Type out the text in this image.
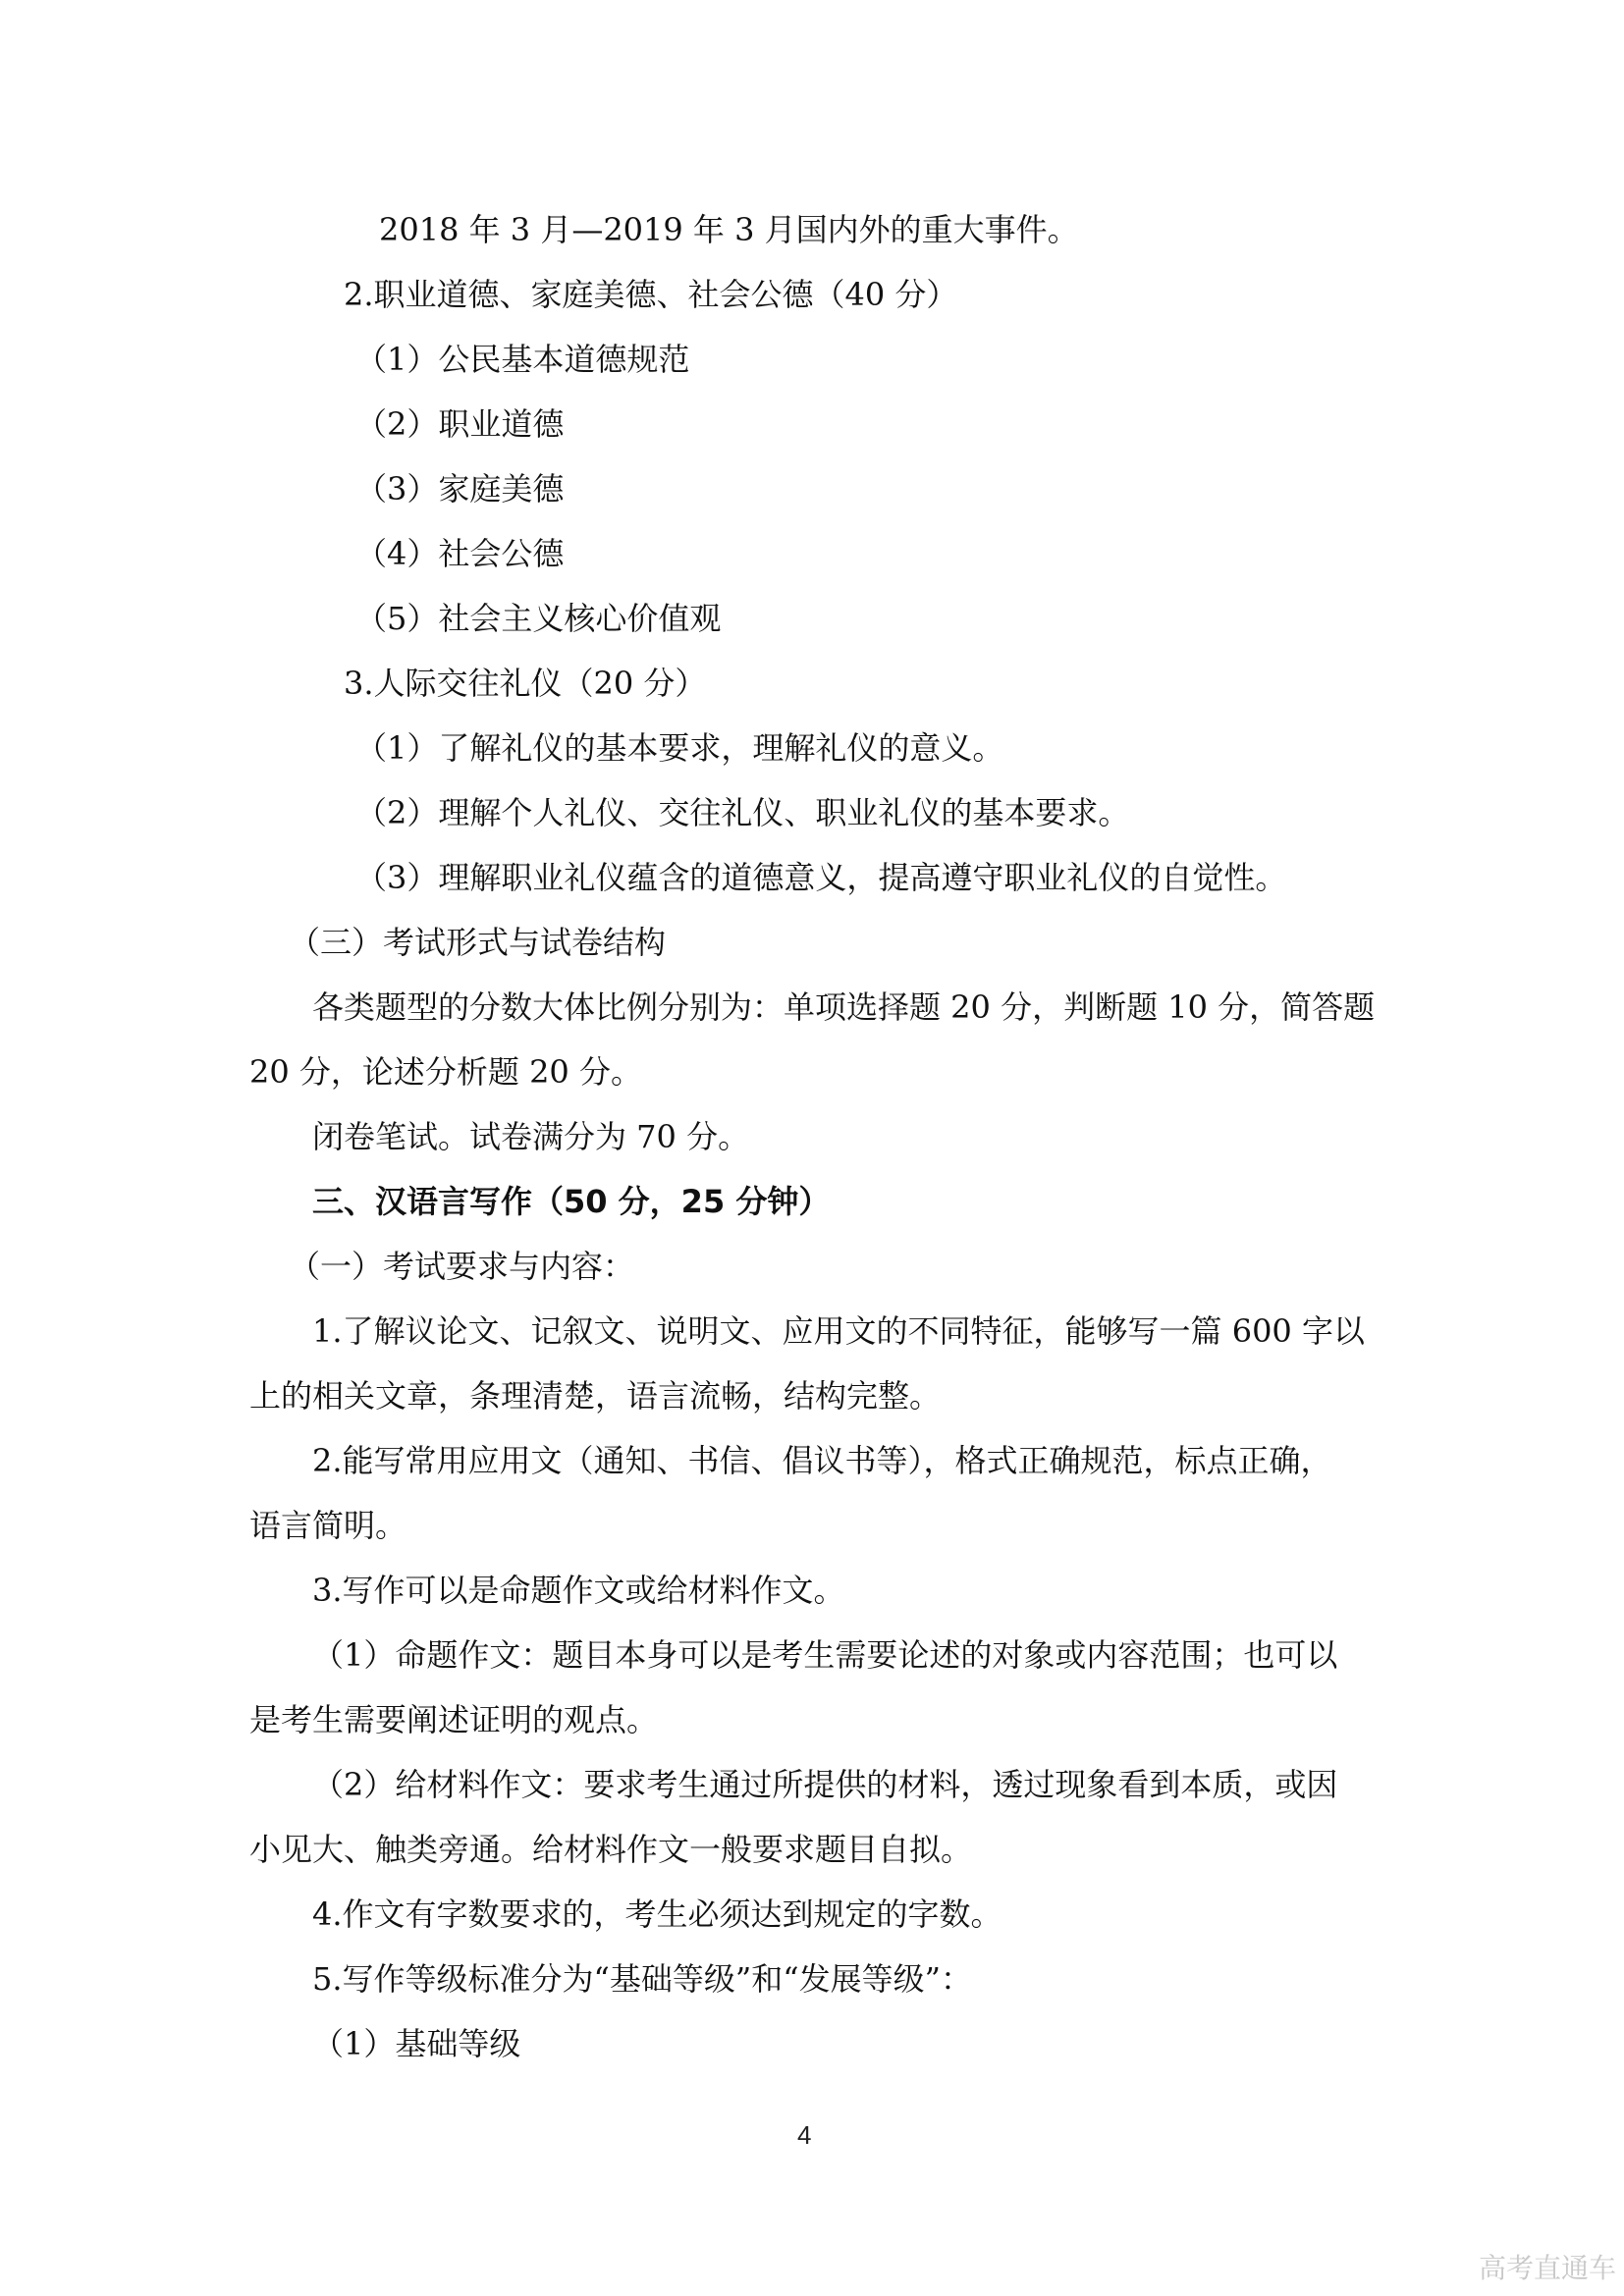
2018 年 3 月—2019 年 3 月国内外的重大事件。
2.职业道德、家庭美德、社会公德（40 分）
（1）公民基本道德规范
（2）职业道德
（3）家庭美德
（4）社会公德
（5）社会主义核心价值观
3.人际交往礼仪（20 分）
（1）了解礼仪的基本要求，理解礼仪的意义。
（2）理解个人礼仪、交往礼仪、职业礼仪的基本要求。
（3）理解职业礼仪蕴含的道德意义，提高遵守职业礼仪的自觉性。
（三）考试形式与试卷结构
各类题型的分数大体比例分别为：单项选择题 20 分，判断题 10 分，简答题
20 分，论述分析题 20 分。
闭卷笔试。试卷满分为 70 分。
三、汉语言写作（50 分，25 分钟）
（一）考试要求与内容：
1.了解议论文、记叙文、说明文、应用文的不同特征，能够写一篇 600 字以
上的相关文章，条理清楚，语言流畅，结构完整。
2.能写常用应用文（通知、书信、倡议书等），格式正确规范，标点正确，
语言简明。
3.写作可以是命题作文或给材料作文。
（1）命题作文：题目本身可以是考生需要论述的对象或内容范围；也可以
是考生需要阐述证明的观点。
（2）给材料作文：要求考生通过所提供的材料，透过现象看到本质，或因
小见大、触类旁通。给材料作文一般要求题目自拟。
4.作文有字数要求的，考生必须达到规定的字数。
5.写作等级标准分为“基础等级”和“发展等级”：
（1）基础等级
4
高考直通车
